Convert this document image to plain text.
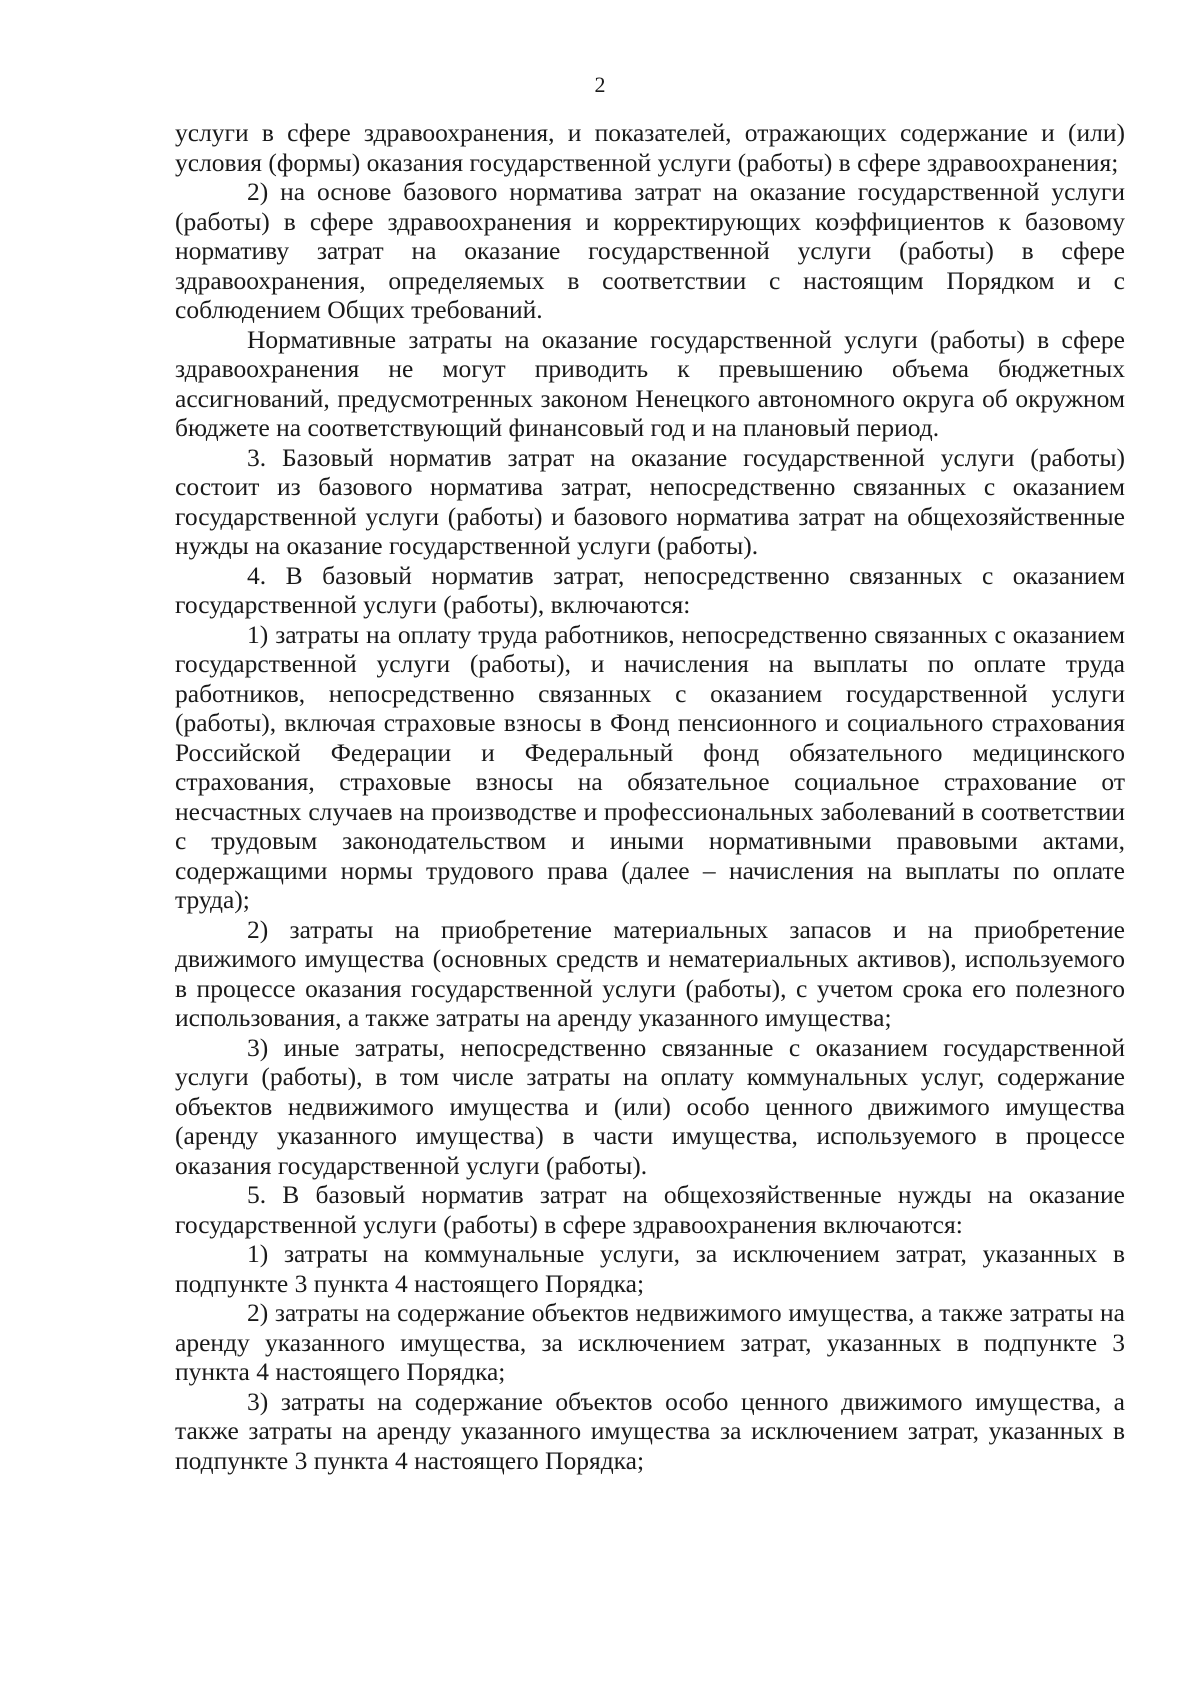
2

услуги в сфере здравоохранения, и показателей, отражающих содержание и (или) условия (формы) оказания государственной услуги (работы) в сфере здравоохранения;

2) на основе базового норматива затрат на оказание государственной услуги (работы) в сфере здравоохранения и корректирующих коэффициентов к базовому нормативу затрат на оказание государственной услуги (работы) в сфере здравоохранения, определяемых в соответствии с настоящим Порядком и с соблюдением Общих требований.

Нормативные затраты на оказание государственной услуги (работы) в сфере здравоохранения не могут приводить к превышению объема бюджетных ассигнований, предусмотренных законом Ненецкого автономного округа об окружном бюджете на соответствующий финансовый год и на плановый период.

3. Базовый норматив затрат на оказание государственной услуги (работы) состоит из базового норматива затрат, непосредственно связанных с оказанием государственной услуги (работы) и базового норматива затрат на общехозяйственные нужды на оказание государственной услуги (работы).

4. В базовый норматив затрат, непосредственно связанных с оказанием государственной услуги (работы), включаются:

1) затраты на оплату труда работников, непосредственно связанных с оказанием государственной услуги (работы), и начисления на выплаты по оплате труда работников, непосредственно связанных с оказанием государственной услуги (работы), включая страховые взносы в Фонд пенсионного и социального страхования Российской Федерации и Федеральный фонд обязательного медицинского страхования, страховые взносы на обязательное социальное страхование от несчастных случаев на производстве и профессиональных заболеваний в соответствии с трудовым законодательством и иными нормативными правовыми актами, содержащими нормы трудового права (далее – начисления на выплаты по оплате труда);

2) затраты на приобретение материальных запасов и на приобретение движимого имущества (основных средств и нематериальных активов), используемого в процессе оказания государственной услуги (работы), с учетом срока его полезного использования, а также затраты на аренду указанного имущества;

3) иные затраты, непосредственно связанные с оказанием государственной услуги (работы), в том числе затраты на оплату коммунальных услуг, содержание объектов недвижимого имущества и (или) особо ценного движимого имущества (аренду указанного имущества) в части имущества, используемого в процессе оказания государственной услуги (работы).

5. В базовый норматив затрат на общехозяйственные нужды на оказание государственной услуги (работы) в сфере здравоохранения включаются:

1) затраты на коммунальные услуги, за исключением затрат, указанных в подпункте 3 пункта 4 настоящего Порядка;

2) затраты на содержание объектов недвижимого имущества, а также затраты на аренду указанного имущества, за исключением затрат, указанных в подпункте 3 пункта 4 настоящего Порядка;

3) затраты на содержание объектов особо ценного движимого имущества, а также затраты на аренду указанного имущества за исключением затрат, указанных в подпункте 3 пункта 4 настоящего Порядка;
